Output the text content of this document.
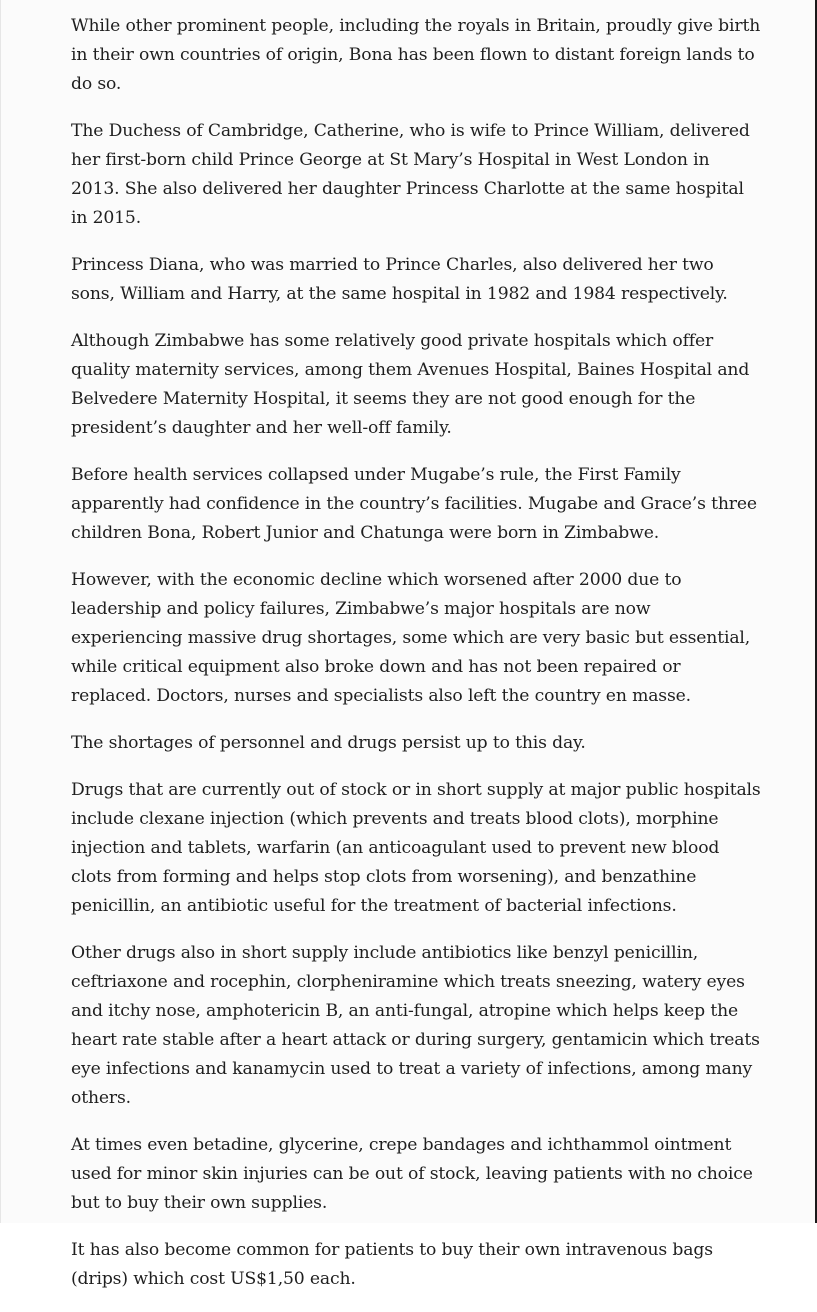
While other prominent people, including the royals in Britain, proudly give birth in their own countries of origin, Bona has been flown to distant foreign lands to do so.

The Duchess of Cambridge, Catherine, who is wife to Prince William, delivered her first-born child Prince George at St Mary’s Hospital in West London in 2013. She also delivered her daughter Princess Charlotte at the same hospital in 2015.

Princess Diana, who was married to Prince Charles, also delivered her two sons, William and Harry, at the same hospital in 1982 and 1984 respectively.

Although Zimbabwe has some relatively good private hospitals which offer quality maternity services, among them Avenues Hospital, Baines Hospital and Belvedere Maternity Hospital, it seems they are not good enough for the president’s daughter and her well-off family.

Before health services collapsed under Mugabe’s rule, the First Family apparently had confidence in the country’s facilities. Mugabe and Grace’s three children Bona, Robert Junior and Chatunga were born in Zimbabwe.

However, with the economic decline which worsened after 2000 due to leadership and policy failures, Zimbabwe’s major hospitals are now experiencing massive drug shortages, some which are very basic but essential, while critical equipment also broke down and has not been repaired or replaced. Doctors, nurses and specialists also left the country en masse.

The shortages of personnel and drugs persist up to this day.

Drugs that are currently out of stock or in short supply at major public hospitals include clexane injection (which prevents and treats blood clots), morphine injection and tablets, warfarin (an anticoagulant used to prevent new blood clots from forming and helps stop clots from worsening), and benzathine penicillin, an antibiotic useful for the treatment of bacterial infections.

Other drugs also in short supply include antibiotics like benzyl penicillin, ceftriaxone and rocephin, clorpheniramine which treats sneezing, watery eyes and itchy nose, amphotericin B, an anti-fungal, atropine which helps keep the heart rate stable after a heart attack or during surgery, gentamicin which treats eye infections and kanamycin used to treat a variety of infections, among many others.

At times even betadine, glycerine, crepe bandages and ichthammol ointment used for minor skin injuries can be out of stock, leaving patients with no choice but to buy their own supplies.

It has also become common for patients to buy their own intravenous bags (drips) which cost US$1,50 each.
